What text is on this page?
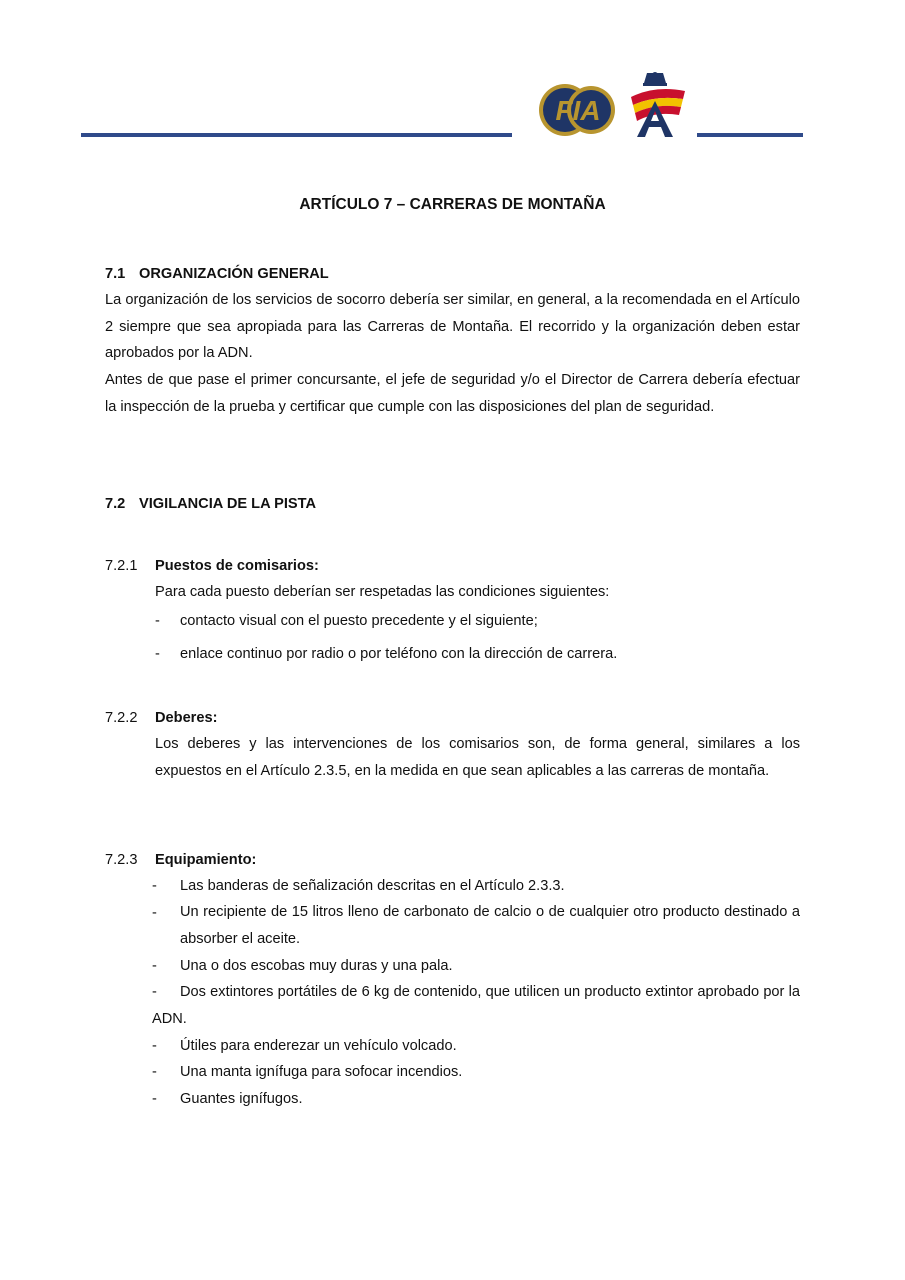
FIA
ARTÍCULO 7 – CARRERAS DE MONTAÑA
7.1 ORGANIZACIÓN GENERAL
La organización de los servicios de socorro debería ser similar, en general, a la recomendada en el Artículo 2 siempre que sea apropiada para las Carreras de Montaña. El recorrido y la organización deben estar aprobados por la ADN.
Antes de que pase el primer concursante, el jefe de seguridad y/o el Director de Carrera debería efectuar la inspección de la prueba y certificar que cumple con las disposiciones del plan de seguridad.
7.2 VIGILANCIA DE LA PISTA
7.2.1 Puestos de comisarios:
Para cada puesto deberían ser respetadas las condiciones siguientes:
- contacto visual con el puesto precedente y el siguiente;
- enlace continuo por radio o por teléfono con la dirección de carrera.
7.2.2 Deberes:
Los deberes y las intervenciones de los comisarios son, de forma general, similares a los expuestos en el Artículo 2.3.5, en la medida en que sean aplicables a las carreras de montaña.
7.2.3 Equipamiento:
- Las banderas de señalización descritas en el Artículo 2.3.3.
- Un recipiente de 15 litros lleno de carbonato de calcio o de cualquier otro producto destinado a absorber el aceite.
- Una o dos escobas muy duras y una pala.
- Dos extintores portátiles de 6 kg de contenido, que utilicen un producto extintor aprobado por la ADN.
- Útiles para enderezar un vehículo volcado.
- Una manta ignífuga para sofocar incendios.
- Guantes ignífugos.
